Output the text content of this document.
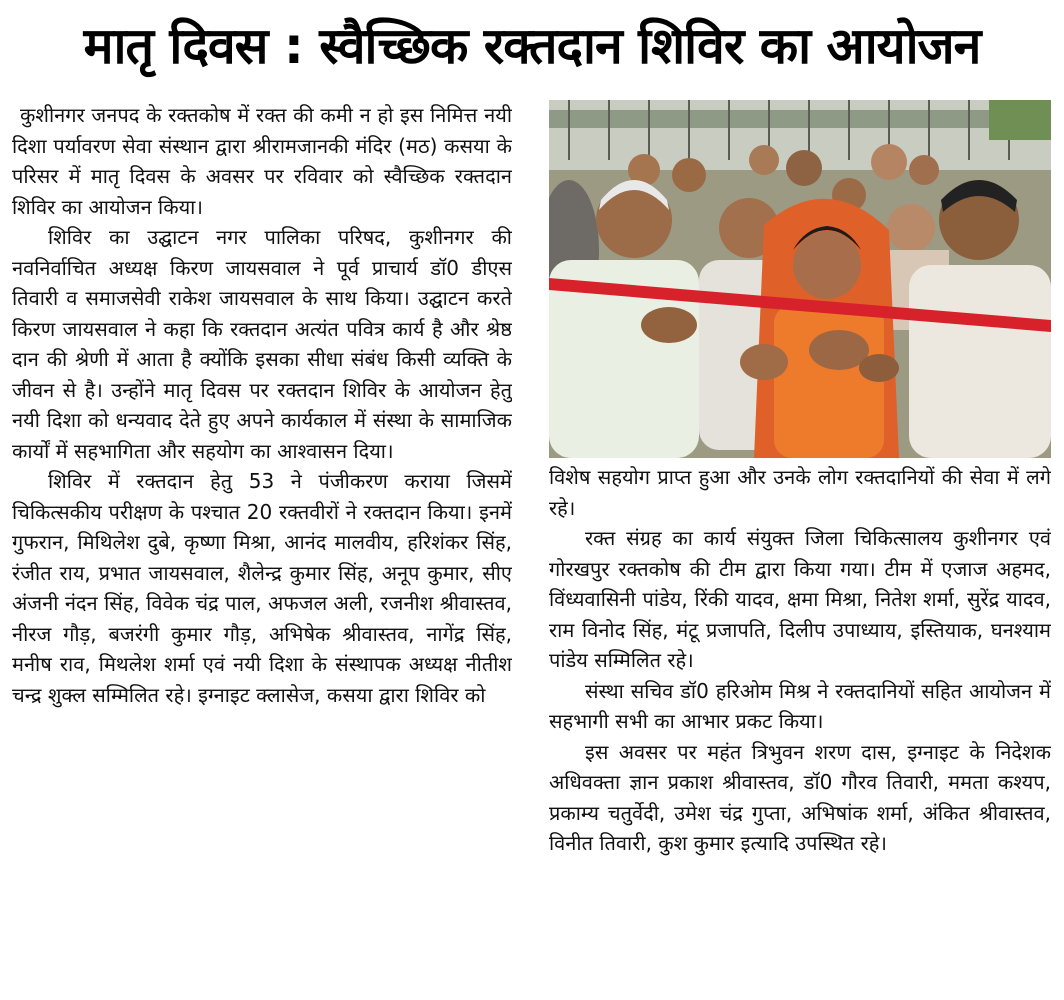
मातृ दिवस : स्वैच्छिक रक्तदान शिविर का आयोजन

कुशीनगर जनपद के रक्तकोष में रक्त की कमी न हो इस निमित्त नयी दिशा पर्यावरण सेवा संस्थान द्वारा श्रीरामजानकी मंदिर (मठ) कसया के परिसर में मातृ दिवस के अवसर पर रविवार को स्वैच्छिक रक्तदान शिविर का आयोजन किया।

शिविर का उद्घाटन नगर पालिका परिषद, कुशीनगर की नवनिर्वाचित अध्यक्ष किरण जायसवाल ने पूर्व प्राचार्य डॉ0 डीएस तिवारी व समाजसेवी राकेश जायसवाल के साथ किया। उद्घाटन करते किरण जायसवाल ने कहा कि रक्तदान अत्यंत पवित्र कार्य है और श्रेष्ठ दान की श्रेणी में आता है क्योंकि इसका सीधा संबंध किसी व्यक्ति के जीवन से है। उन्होंने मातृ दिवस पर रक्तदान शिविर के आयोजन हेतु नयी दिशा को धन्यवाद देते हुए अपने कार्यकाल में संस्था के सामाजिक कार्यों में सहभागिता और सहयोग का आश्वासन दिया।

शिविर में रक्तदान हेतु 53 ने पंजीकरण कराया जिसमें चिकित्सकीय परीक्षण के पश्चात 20 रक्तवीरों ने रक्तदान किया। इनमें गुफरान, मिथिलेश दुबे, कृष्णा मिश्रा, आनंद मालवीय, हरिशंकर सिंह, रंजीत राय, प्रभात जायसवाल, शैलेन्द्र कुमार सिंह, अनूप कुमार, सीए अंजनी नंदन सिंह, विवेक चंद्र पाल, अफजल अली, रजनीश श्रीवास्तव, नीरज गौड़, बजरंगी कुमार गौड़, अभिषेक श्रीवास्तव, नागेंद्र सिंह, मनीष राव, मिथलेश शर्मा एवं नयी दिशा के संस्थापक अध्यक्ष नीतीश चन्द्र शुक्ल सम्मिलित रहे। इग्नाइट क्लासेज, कसया द्वारा शिविर को

विशेष सहयोग प्राप्त हुआ और उनके लोग रक्तदानियों की सेवा में लगे रहे।

रक्त संग्रह का कार्य संयुक्त जिला चिकित्सालय कुशीनगर एवं गोरखपुर रक्तकोष की टीम द्वारा किया गया। टीम में एजाज अहमद, विंध्यवासिनी पांडेय, रिंकी यादव, क्षमा मिश्रा, नितेश शर्मा, सुरेंद्र यादव, राम विनोद सिंह, मंटू प्रजापति, दिलीप उपाध्याय, इस्तियाक, घनश्याम पांडेय सम्मिलित रहे।

संस्था सचिव डॉ0 हरिओम मिश्र ने रक्तदानियों सहित आयोजन में सहभागी सभी का आभार प्रकट किया।

इस अवसर पर महंत त्रिभुवन शरण दास, इग्नाइट के निदेशक अधिवक्ता ज्ञान प्रकाश श्रीवास्तव, डॉ0 गौरव तिवारी, ममता कश्यप, प्रकाम्य चतुर्वेदी, उमेश चंद्र गुप्ता, अभिषांक शर्मा, अंकित श्रीवास्तव, विनीत तिवारी, कुश कुमार इत्यादि उपस्थित रहे।
